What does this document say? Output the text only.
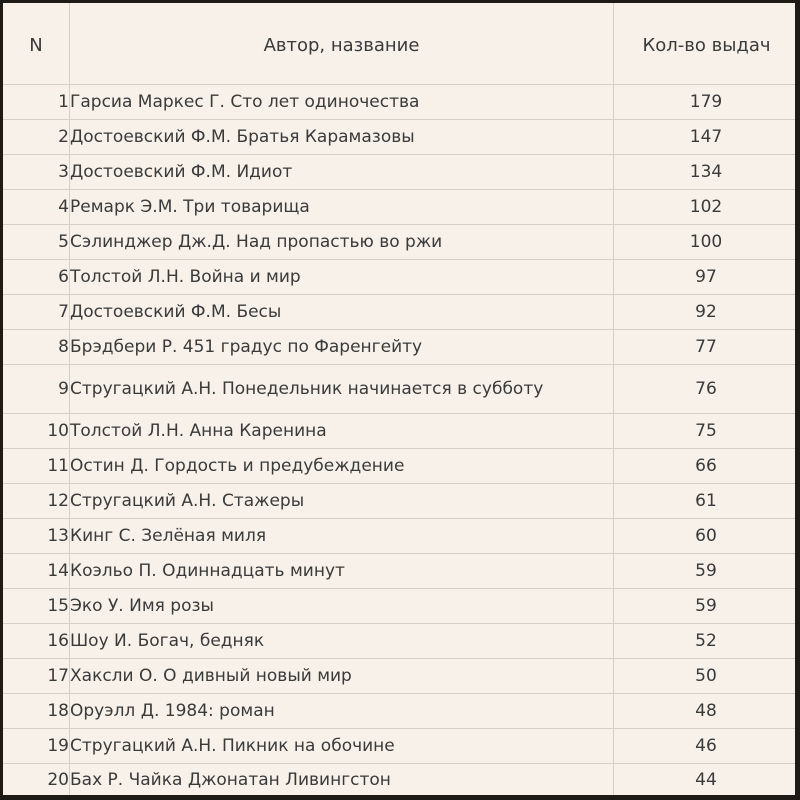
N	Автор, название	Кол-во выдач
1 Гарсиа Маркес Г. Сто лет одиночества	179
2 Достоевский Ф.М. Братья Карамазовы	147
3 Достоевский Ф.М. Идиот	134
4 Ремарк Э.М. Три товарища	102
5 Сэлинджер Дж.Д. Над пропастью во ржи	100
6 Толстой Л.Н. Война и мир	97
7 Достоевский Ф.М. Бесы	92
8 Брэдбери Р. 451 градус по Фаренгейту	77
9 Стругацкий А.Н. Понедельник начинается в субботу	76
10 Толстой Л.Н. Анна Каренина	75
11 Остин Д. Гордость и предубеждение	66
12 Стругацкий А.Н. Стажеры	61
13 Кинг С. Зелёная миля	60
14 Коэльо П. Одиннадцать минут	59
15 Эко У. Имя розы	59
16 Шоу И. Богач, бедняк	52
17 Хаксли О. О дивный новый мир	50
18 Оруэлл Д. 1984: роман	48
19 Стругацкий А.Н. Пикник на обочине	46
20 Бах Р. Чайка Джонатан Ливингстон	44
